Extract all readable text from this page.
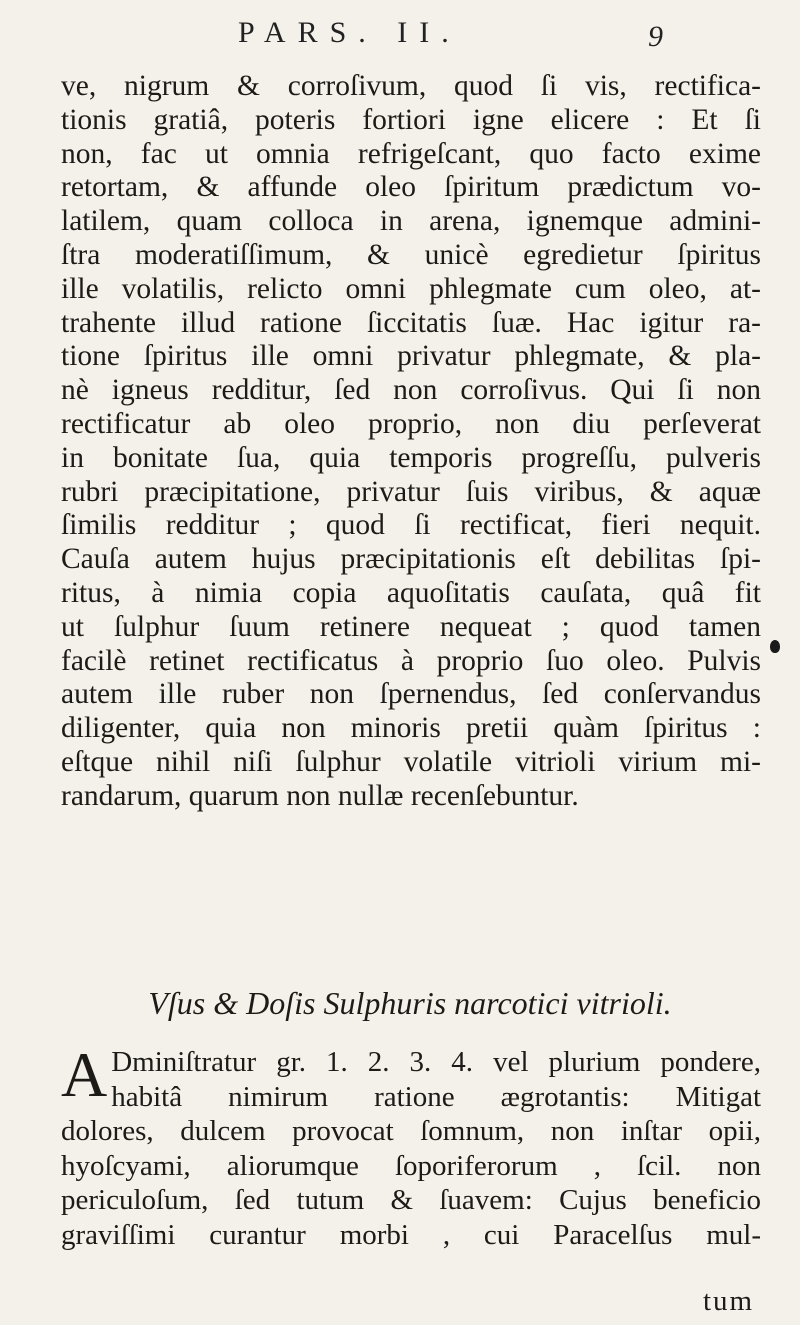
PARS. II.	9
ve, nigrum & corroſivum, quod ſi vis, rectifica-
tionis gratiâ, poteris fortiori igne elicere : Et ſi
non, fac ut omnia refrigeſcant, quo facto exime
retortam, & affunde oleo ſpiritum prædictum vo-
latilem, quam colloca in arena, ignemque admini-
ſtra moderatiſſimum, & unicè egredietur ſpiritus
ille volatilis, relicto omni phlegmate cum oleo, at-
trahente illud ratione ſiccitatis ſuæ. Hac igitur ra-
tione ſpiritus ille omni privatur phlegmate, & pla-
nè igneus redditur, ſed non corroſivus. Qui ſi non
rectificatur ab oleo proprio, non diu perſeverat
in bonitate ſua, quia temporis progreſſu, pulveris
rubri præcipitatione, privatur ſuis viribus, & aquæ
ſimilis redditur ; quod ſi rectificat, fieri nequit.
Cauſa autem hujus præcipitationis eſt debilitas ſpi-
ritus, à nimia copia aquoſitatis cauſata, quâ fit
ut ſulphur ſuum retinere nequeat ; quod tamen
facilè retinet rectificatus à proprio ſuo oleo. Pulvis
autem ille ruber non ſpernendus, ſed conſervandus
diligenter, quia non minoris pretii quàm ſpiritus :
eſtque nihil niſi ſulphur volatile vitrioli virium mi-
randarum, quarum non nullæ recenſebuntur.
Vſus & Doſis Sulphuris narcotici vitrioli.
A Dminiſtratur gr. 1. 2. 3. 4. vel plurium pondere,
habitâ nimirum ratione ægrotantis: Mitigat
dolores, dulcem provocat ſomnum, non inſtar opii,
hyoſcyami, aliorumque ſoporiferorum , ſcil. non
periculoſum, ſed tutum & ſuavem: Cujus beneficio
graviſſimi curantur morbi , cui Paracelſus mul-
tum
